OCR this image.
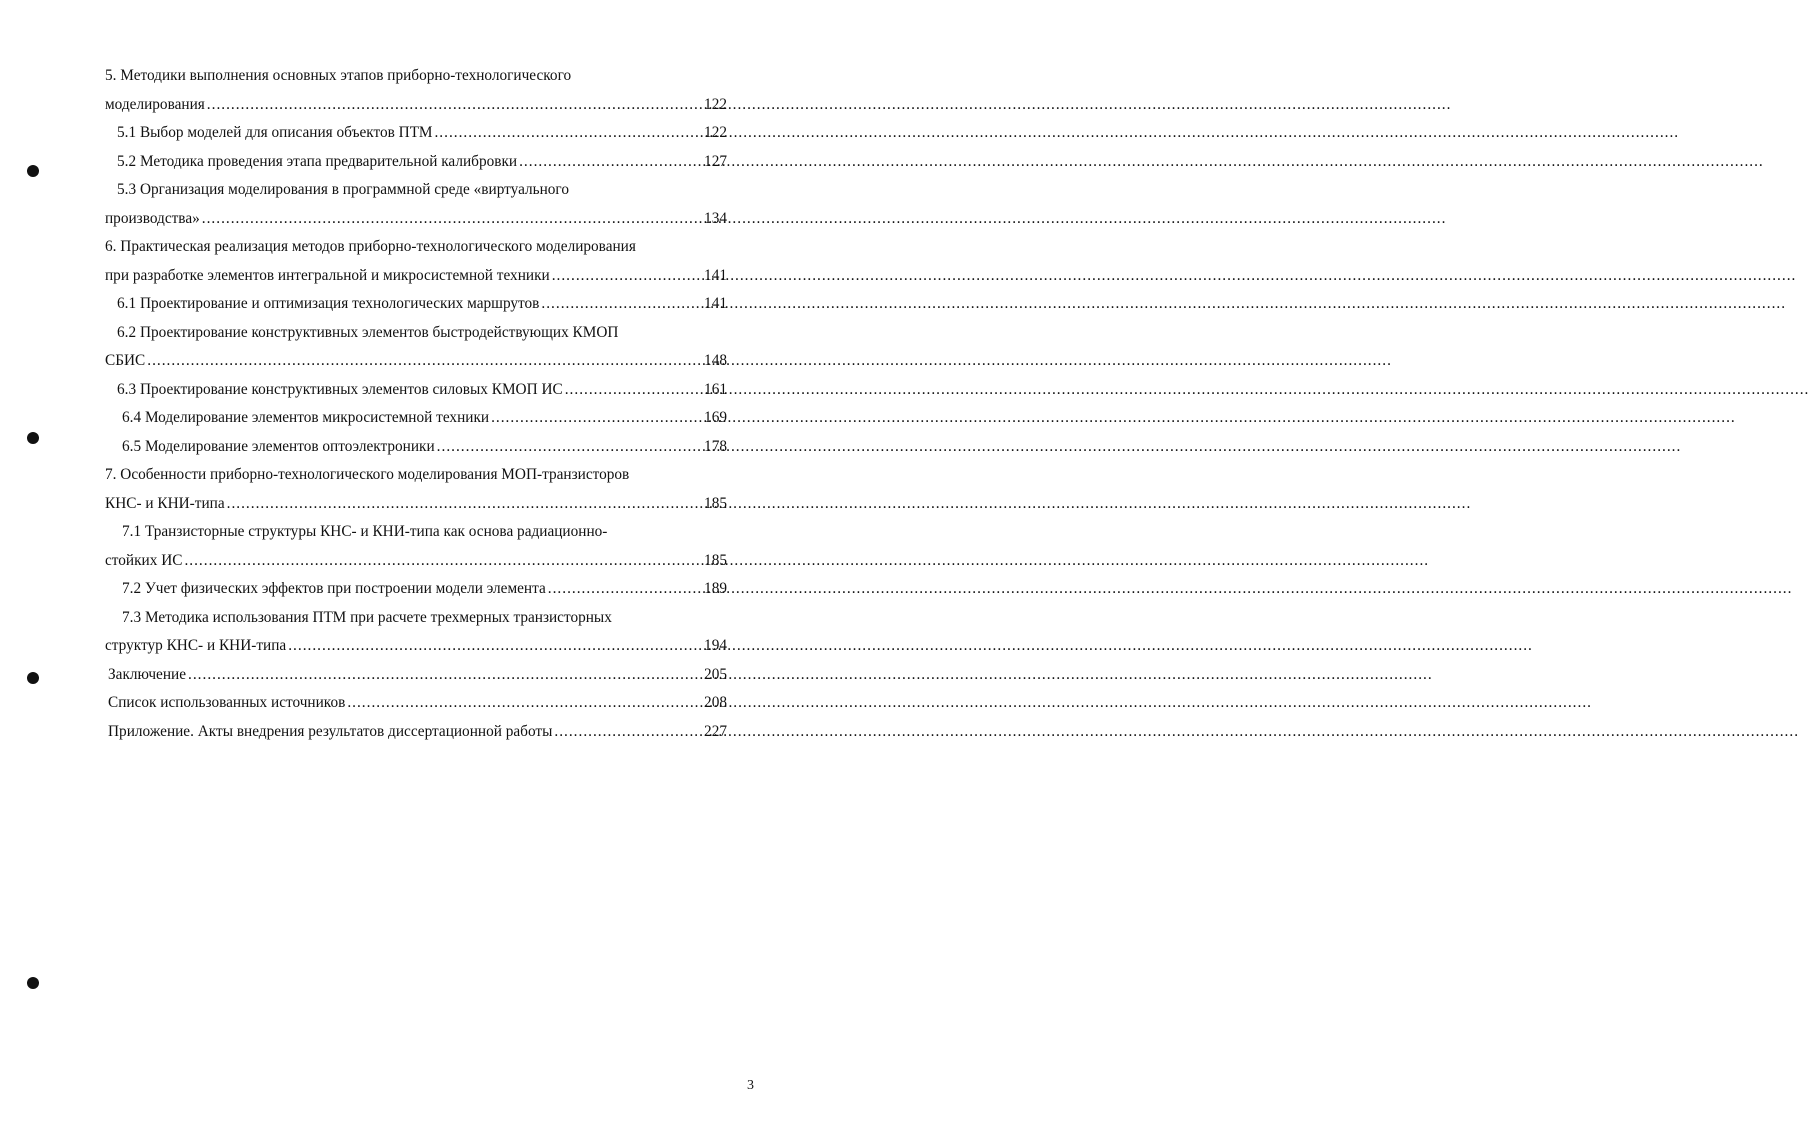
5. Методики выполнения основных этапов приборно-технологического
моделирования .....	122
5.1 Выбор моделей для описания объектов ПТМ .....	122
5.2 Методика проведения этапа предварительной калибровки .....	127
5.3 Организация моделирования в программной среде «виртуального
производства» .....	134
6. Практическая реализация методов приборно-технологического моделирования
при разработке элементов интегральной и микросистемной техники .....	141
6.1 Проектирование и оптимизация технологических маршрутов .....	141
6.2 Проектирование конструктивных элементов быстродействующих КМОП
СБИС .....	148
6.3 Проектирование конструктивных элементов силовых КМОП ИС .....	161
6.4 Моделирование элементов микросистемной техники .....	169
6.5 Моделирование элементов оптоэлектроники .....	178
7. Особенности приборно-технологического моделирования МОП-транзисторов
КНС- и КНИ-типа .....	185
7.1 Транзисторные структуры КНС- и КНИ-типа как основа радиационно-
стойких ИС .....	185
7.2 Учет физических эффектов при построении модели элемента .....	189
7.3 Методика использования ПТМ при расчете трехмерных транзисторных
структур КНС- и КНИ-типа .....	194
Заключение .....	205
Список использованных источников .....	208
Приложение. Акты внедрения результатов диссертационной работы .....	227
3
